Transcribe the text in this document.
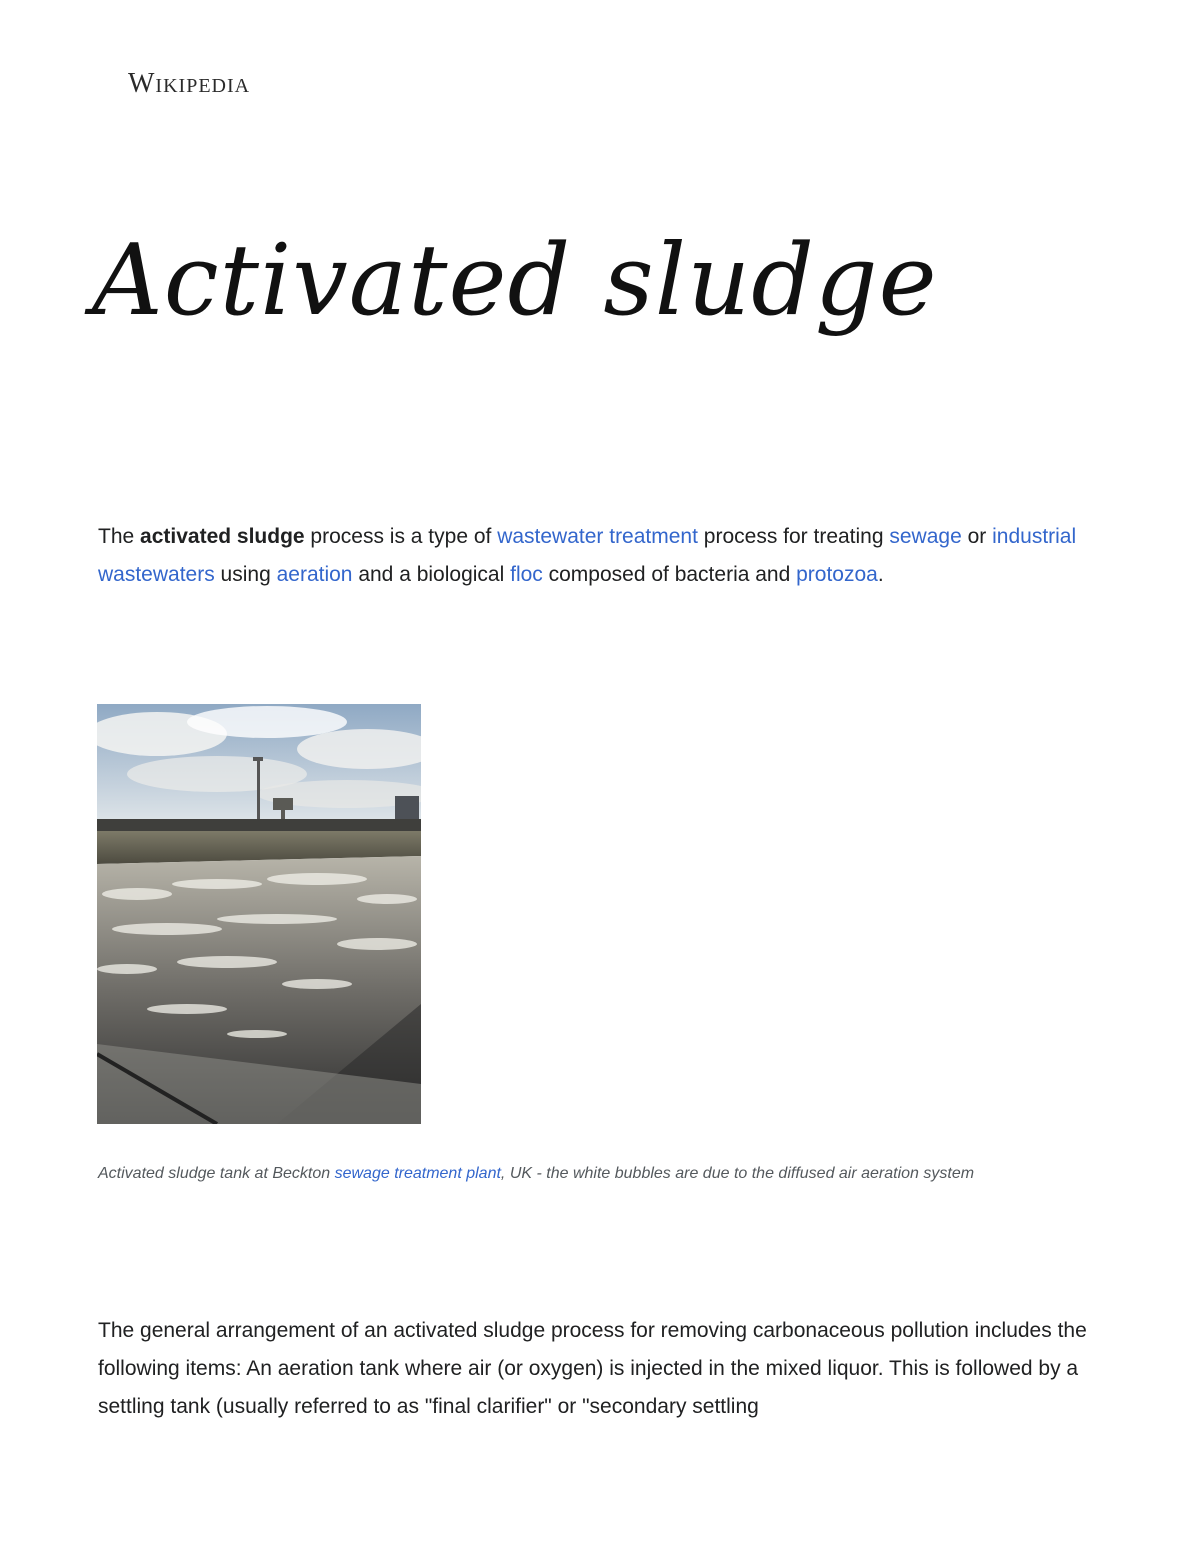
Wikipedia
Activated sludge

The activated sludge process is a type of wastewater treatment process for treating sewage or industrial wastewaters using aeration and a biological floc composed of bacteria and protozoa.

Activated sludge tank at Beckton sewage treatment plant, UK - the white bubbles are due to the diffused air aeration system

The general arrangement of an activated sludge process for removing carbonaceous pollution includes the following items: An aeration tank where air (or oxygen) is injected in the mixed liquor. This is followed by a settling tank (usually referred to as "final clarifier" or "secondary settling
